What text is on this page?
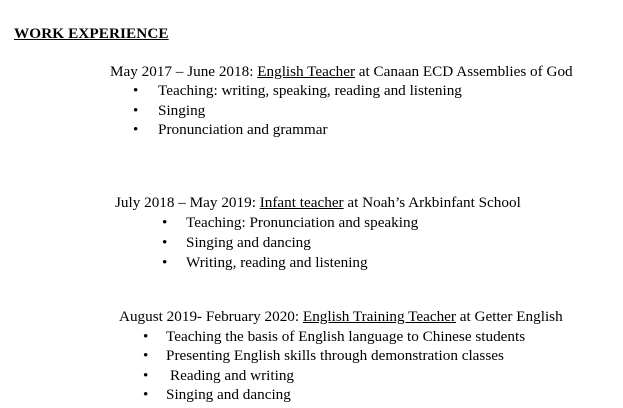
WORK EXPERIENCE
May 2017 – June 2018: English Teacher at Canaan ECD Assemblies of God
• Teaching: writing, speaking, reading and listening
• Singing
• Pronunciation and grammar
July 2018 – May 2019: Infant teacher at Noah’s Arkbinfant School
• Teaching: Pronunciation and speaking
• Singing and dancing
• Writing, reading and listening
August 2019- February 2020: English Training Teacher at Getter English
• Teaching the basis of English language to Chinese students
• Presenting English skills through demonstration classes
• Reading and writing
• Singing and dancing
